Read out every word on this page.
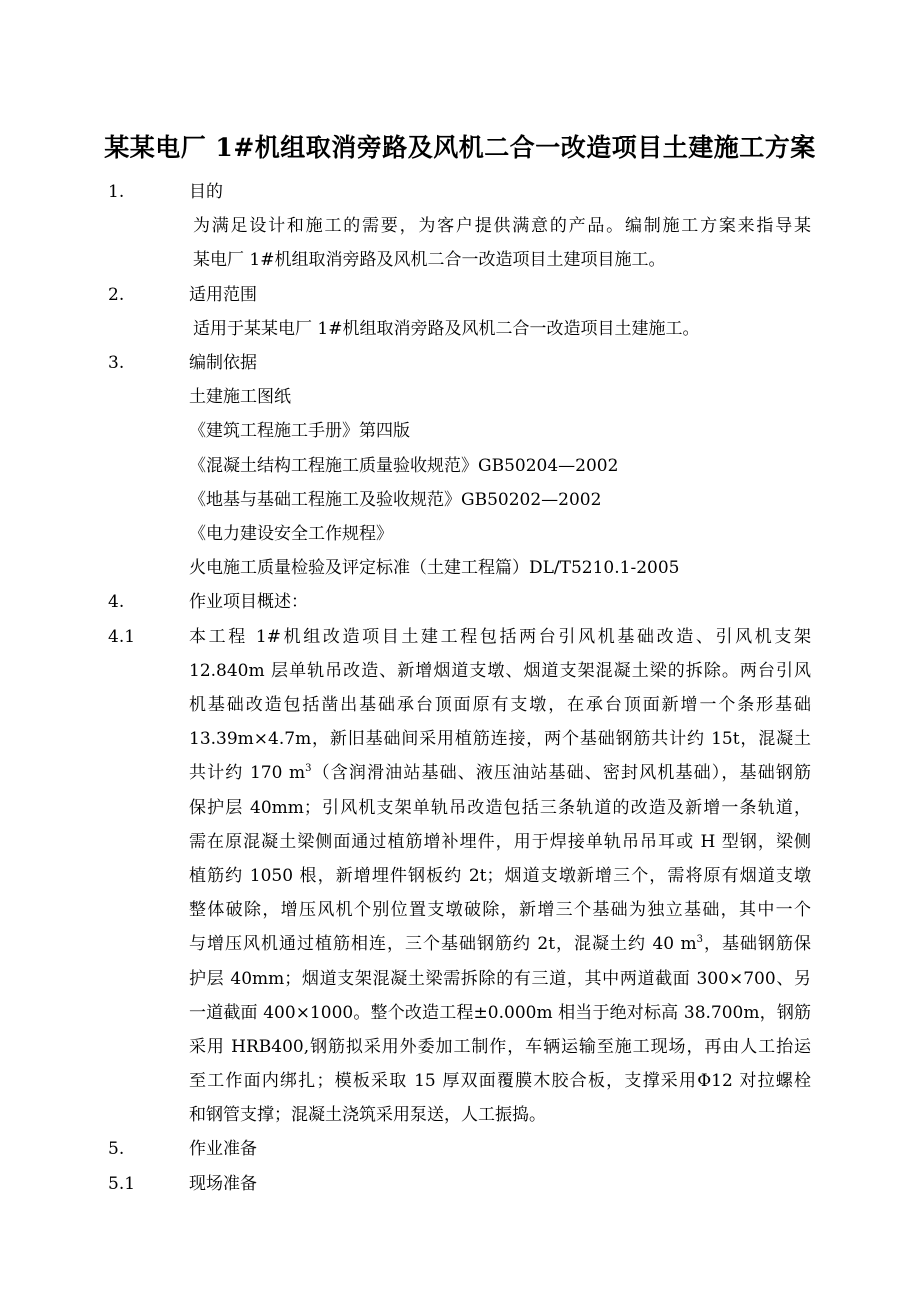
某某电厂 1#机组取消旁路及风机二合一改造项目土建施工方案
1.	目的
为满足设计和施工的需要，为客户提供满意的产品。编制施工方案来指导某
某电厂 1#机组取消旁路及风机二合一改造项目土建项目施工。
2.	适用范围
适用于某某电厂 1#机组取消旁路及风机二合一改造项目土建施工。
3.	编制依据
土建施工图纸
《建筑工程施工手册》第四版
《混凝土结构工程施工质量验收规范》GB50204—2002
《地基与基础工程施工及验收规范》GB50202—2002
《电力建设安全工作规程》
火电施工质量检验及评定标准（土建工程篇）DL/T5210.1-2005
4.	作业项目概述：
4.1	本工程 1#机组改造项目土建工程包括两台引风机基础改造、引风机支架
12.840m 层单轨吊改造、新增烟道支墩、烟道支架混凝土梁的拆除。两台引风
机基础改造包括凿出基础承台顶面原有支墩，在承台顶面新增一个条形基础
13.39m×4.7m，新旧基础间采用植筋连接，两个基础钢筋共计约 15t，混凝土
共计约 170 $m^3$（含润滑油站基础、液压油站基础、密封风机基础），基础钢筋
保护层 40mm；引风机支架单轨吊改造包括三条轨道的改造及新增一条轨道，
需在原混凝土梁侧面通过植筋增补埋件，用于焊接单轨吊吊耳或 H 型钢，梁侧
植筋约 1050 根，新增埋件钢板约 2t；烟道支墩新增三个，需将原有烟道支墩
整体破除，增压风机个别位置支墩破除，新增三个基础为独立基础，其中一个
与增压风机通过植筋相连，三个基础钢筋约 2t，混凝土约 40 $m^3$，基础钢筋保
护层 40mm；烟道支架混凝土梁需拆除的有三道，其中两道截面 300×700、另
一道截面 400×1000。整个改造工程±0.000m 相当于绝对标高 38.700m，钢筋
采用 HRB400,钢筋拟采用外委加工制作，车辆运输至施工现场，再由人工抬运
至工作面内绑扎；模板采取 15 厚双面覆膜木胶合板，支撑采用Φ12 对拉螺栓
和钢管支撑；混凝土浇筑采用泵送，人工振捣。
5.	作业准备
5.1	现场准备
